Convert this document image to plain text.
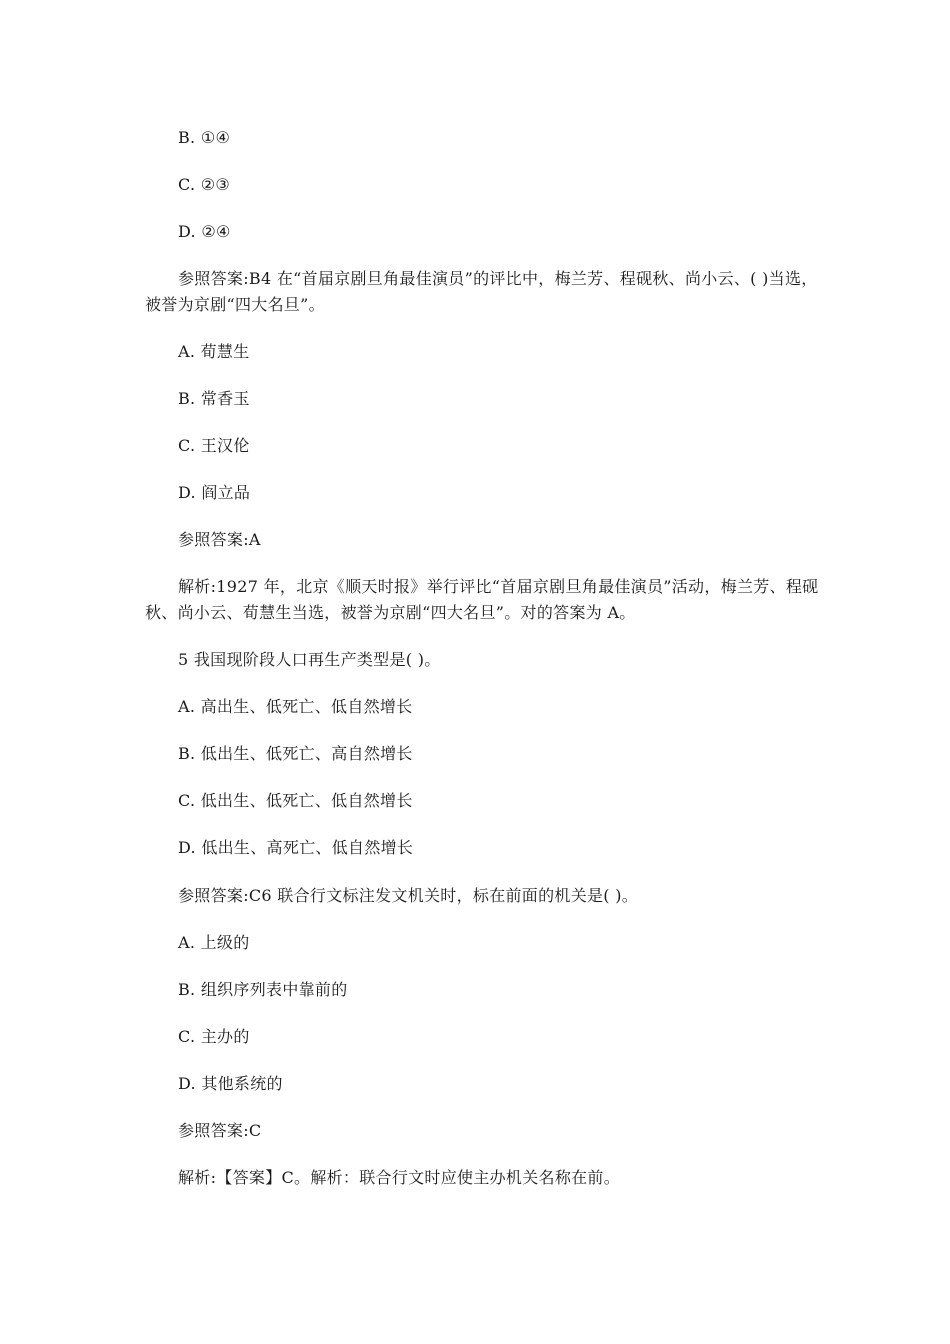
B. ①④
C. ②③
D. ②④
参照答案:B4 在“首届京剧旦角最佳演员”的评比中，梅兰芳、程砚秋、尚小云、( )当选，被誉为京剧“四大名旦”。
A. 荀慧生
B. 常香玉
C. 王汉伦
D. 阎立品
参照答案:A
解析:1927 年，北京《顺天时报》举行评比“首届京剧旦角最佳演员”活动，梅兰芳、程砚秋、尚小云、荀慧生当选，被誉为京剧“四大名旦”。对的答案为 A。
5 我国现阶段人口再生产类型是( )。
A. 高出生、低死亡、低自然增长
B. 低出生、低死亡、高自然增长
C. 低出生、低死亡、低自然增长
D. 低出生、高死亡、低自然增长
参照答案:C6 联合行文标注发文机关时，标在前面的机关是( )。
A. 上级的
B. 组织序列表中靠前的
C. 主办的
D. 其他系统的
参照答案:C
解析:【答案】C。解析：联合行文时应使主办机关名称在前。
